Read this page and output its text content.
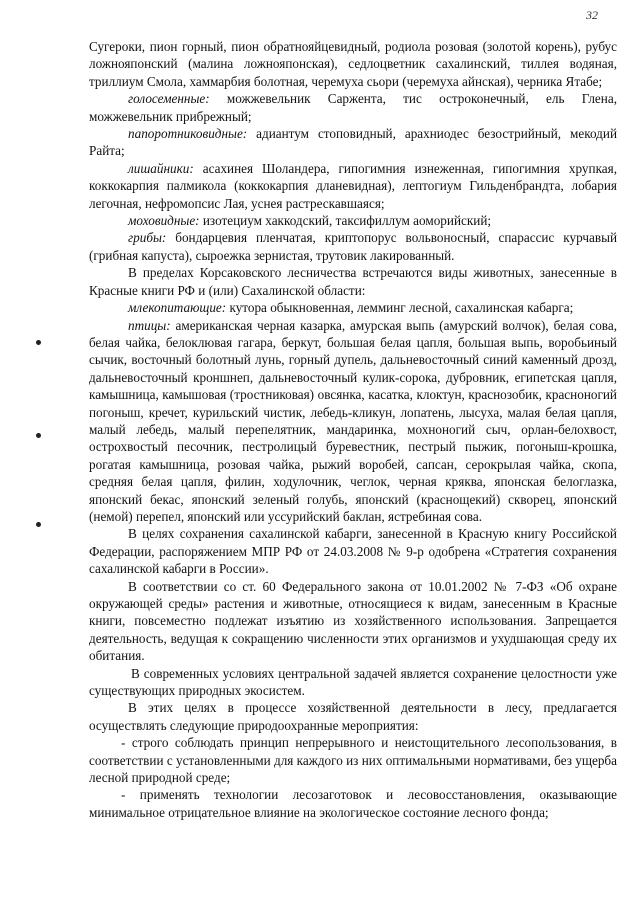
32

Сугероки, пион горный, пион обратнояйцевидный, родиола розовая (золотой корень), рубус ложнояпонский (малина ложнояпонская), седлоцветник сахалинский, тиллея водяная, триллиум Смола, хаммарбия болотная, черемуха сьори (черемуха айнская), черника Ятабе;

голосеменные: можжевельник Саржента, тис остроконечный, ель Глена, можжевельник прибрежный;

папоротниковидные: адиантум стоповидный, арахниодес безострийный, мекодий Райта;

лишайники: асахинея Шоландера, гипогимния изнеженная, гипогимния хрупкая, коккокарпия палмикола (коккокарпия дланевидная), лептогиум Гильденбрандта, лобария легочная, нефромопсис Лая, уснея растрескавшаяся;

моховидные: изотециум хаккодский, таксифиллум аоморийский;

грибы: бондарцевия пленчатая, криптопорус вольвоносный, спарассис курчавый (грибная капуста), сыроежка зернистая, трутовик лакированный.

В пределах Корсаковского лесничества встречаются виды животных, занесенные в Красные книги РФ и (или) Сахалинской области:

млекопитающие: кутора обыкновенная, лемминг лесной, сахалинская кабарга;

птицы: американская черная казарка, амурская выпь (амурский волчок), белая сова, белая чайка, белоклювая гагара, беркут, большая белая цапля, большая выпь, воробьиный сычик, восточный болотный лунь, горный дупель, дальневосточный синий каменный дрозд, дальневосточный кроншнеп, дальневосточный кулик-сорока, дубровник, египетская цапля, камышница, камышовая (тростниковая) овсянка, касатка, клоктун, краснозобик, красноногий погоныш, кречет, курильский чистик, лебедь-кликун, лопатень, лысуха, малая белая цапля, малый лебедь, малый перепелятник, мандаринка, мохноногий сыч, орлан-белохвост, острохвостый песочник, пестролицый буревестник, пестрый пыжик, погоныш-крошка, рогатая камышница, розовая чайка, рыжий воробей, сапсан, серокрылая чайка, скопа, средняя белая цапля, филин, ходулочник, чеглок, черная кряква, японская белоглазка, японский бекас, японский зеленый голубь, японский (краснощекий) скворец, японский (немой) перепел, японский или уссурийский баклан, ястребиная сова.

В целях сохранения сахалинской кабарги, занесенной в Красную книгу Российской Федерации, распоряжением МПР РФ от 24.03.2008 № 9-р одобрена «Стратегия сохранения сахалинской кабарги в России».

В соответствии со ст. 60 Федерального закона от 10.01.2002 № 7-ФЗ «Об охране окружающей среды» растения и животные, относящиеся к видам, занесенным в Красные книги, повсеместно подлежат изъятию из хозяйственного использования. Запрещается деятельность, ведущая к сокращению численности этих организмов и ухудшающая среду их обитания.

В современных условиях центральной задачей является сохранение целостности уже существующих природных экосистем.

В этих целях в процессе хозяйственной деятельности в лесу, предлагается осуществлять следующие природоохранные мероприятия:

- строго соблюдать принцип непрерывного и неистощительного лесопользования, в соответствии с установленными для каждого из них оптимальными нормативами, без ущерба лесной природной среде;

- применять технологии лесозаготовок и лесовосстановления, оказывающие минимальное отрицательное влияние на экологическое состояние лесного фонда;
